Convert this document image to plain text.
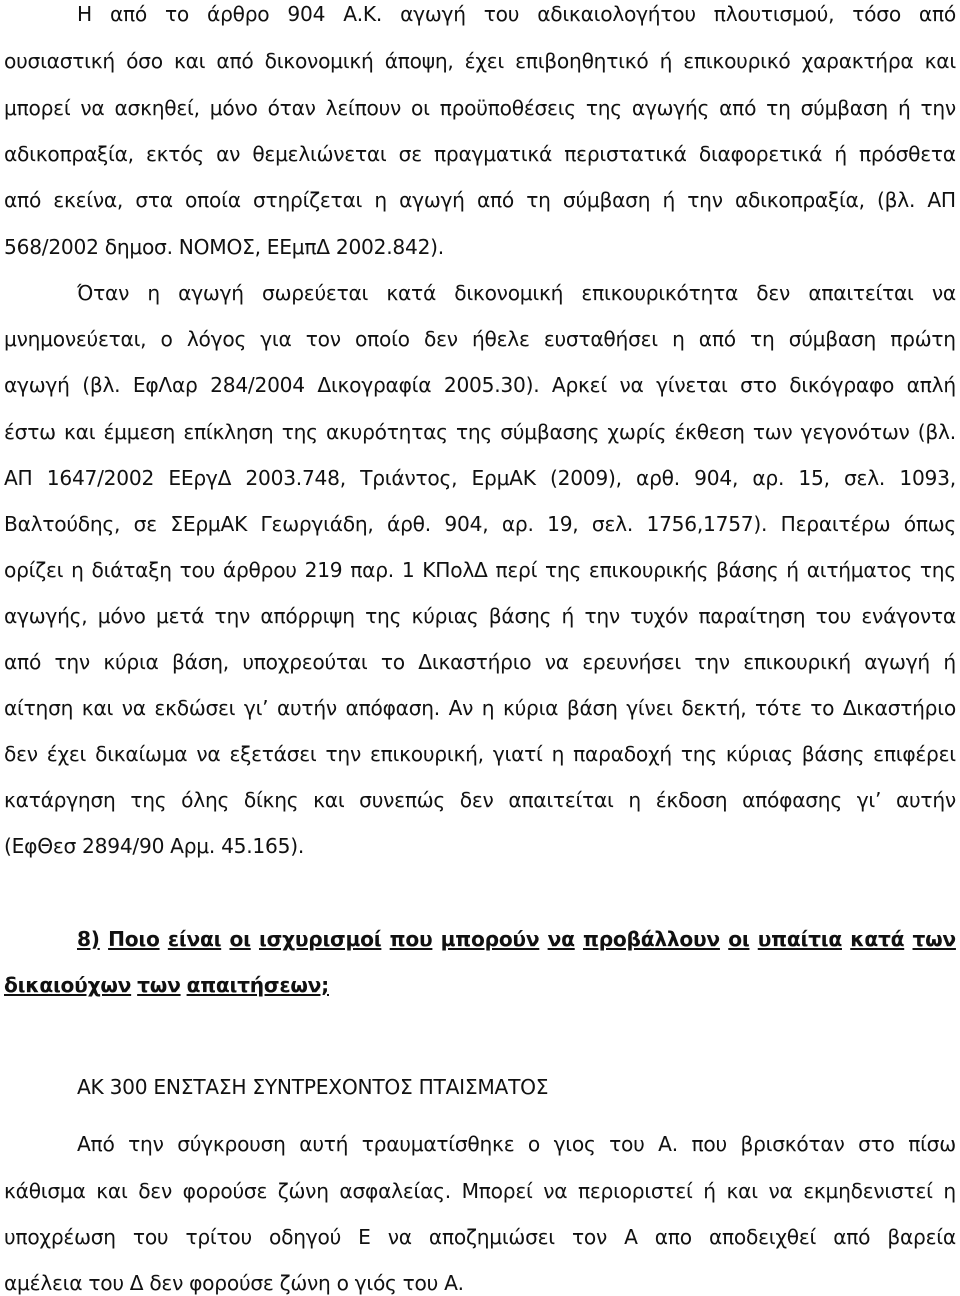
Η από το άρθρο 904 Α.Κ. αγωγή του αδικαιολογήτου πλουτισμού, τόσο από
ουσιαστική όσο και από δικονομική άποψη, έχει επιβοηθητικό ή επικουρικό χαρακτήρα και
μπορεί να ασκηθεί, μόνο όταν λείπουν οι προϋποθέσεις της αγωγής από τη σύμβαση ή την
αδικοπραξία, εκτός αν θεμελιώνεται σε πραγματικά περιστατικά διαφορετικά ή πρόσθετα
από εκείνα, στα οποία στηρίζεται η αγωγή από τη σύμβαση ή την αδικοπραξία, (βλ. ΑΠ
568/2002 δημοσ. ΝΟΜΟΣ, ΕΕμπΔ 2002.842).
Όταν η αγωγή σωρεύεται κατά δικονομική επικουρικότητα δεν απαιτείται να
μνημονεύεται, ο λόγος για τον οποίο δεν ήθελε ευσταθήσει η από τη σύμβαση πρώτη
αγωγή (βλ. ΕφΛαρ 284/2004 Δικογραφία 2005.30). Αρκεί να γίνεται στο δικόγραφο απλή
έστω και έμμεση επίκληση της ακυρότητας της σύμβασης χωρίς έκθεση των γεγονότων (βλ.
ΑΠ 1647/2002 ΕΕργΔ 2003.748, Τριάντος, ΕρμΑΚ (2009), αρθ. 904, αρ. 15, σελ. 1093,
Βαλτούδης, σε ΣΕρμΑΚ Γεωργιάδη, άρθ. 904, αρ. 19, σελ. 1756,1757). Περαιτέρω όπως
ορίζει η διάταξη του άρθρου 219 παρ. 1 ΚΠολΔ περί της επικουρικής βάσης ή αιτήματος της
αγωγής, μόνο μετά την απόρριψη της κύριας βάσης ή την τυχόν παραίτηση του ενάγοντα
από την κύρια βάση, υποχρεούται το Δικαστήριο να ερευνήσει την επικουρική αγωγή ή
αίτηση και να εκδώσει γι’ αυτήν απόφαση. Αν η κύρια βάση γίνει δεκτή, τότε το Δικαστήριο
δεν έχει δικαίωμα να εξετάσει την επικουρική, γιατί η παραδοχή της κύριας βάσης επιφέρει
κατάργηση της όλης δίκης και συνεπώς δεν απαιτείται η έκδοση απόφασης γι’ αυτήν
(ΕφΘεσ 2894/90 Αρμ. 45.165).
8) Ποιο είναι οι ισχυρισμοί που μπορούν να προβάλλουν οι υπαίτια κατά των
δικαιούχων των απαιτήσεων;
ΑΚ 300 ΕΝΣΤΑΣΗ ΣΥΝΤΡΕΧΟΝΤΟΣ ΠΤΑΙΣΜΑΤΟΣ
Από την σύγκρουση αυτή τραυματίσθηκε ο γιος του Α. που βρισκόταν στο πίσω
κάθισμα και δεν φορούσε ζώνη ασφαλείας. Μπορεί να περιοριστεί ή και να εκμηδενιστεί η
υποχρέωση του τρίτου οδηγού Ε να αποζημιώσει τον Α απο αποδειχθεί από βαρεία
αμέλεια του Δ δεν φορούσε ζώνη ο γιός του Α.
